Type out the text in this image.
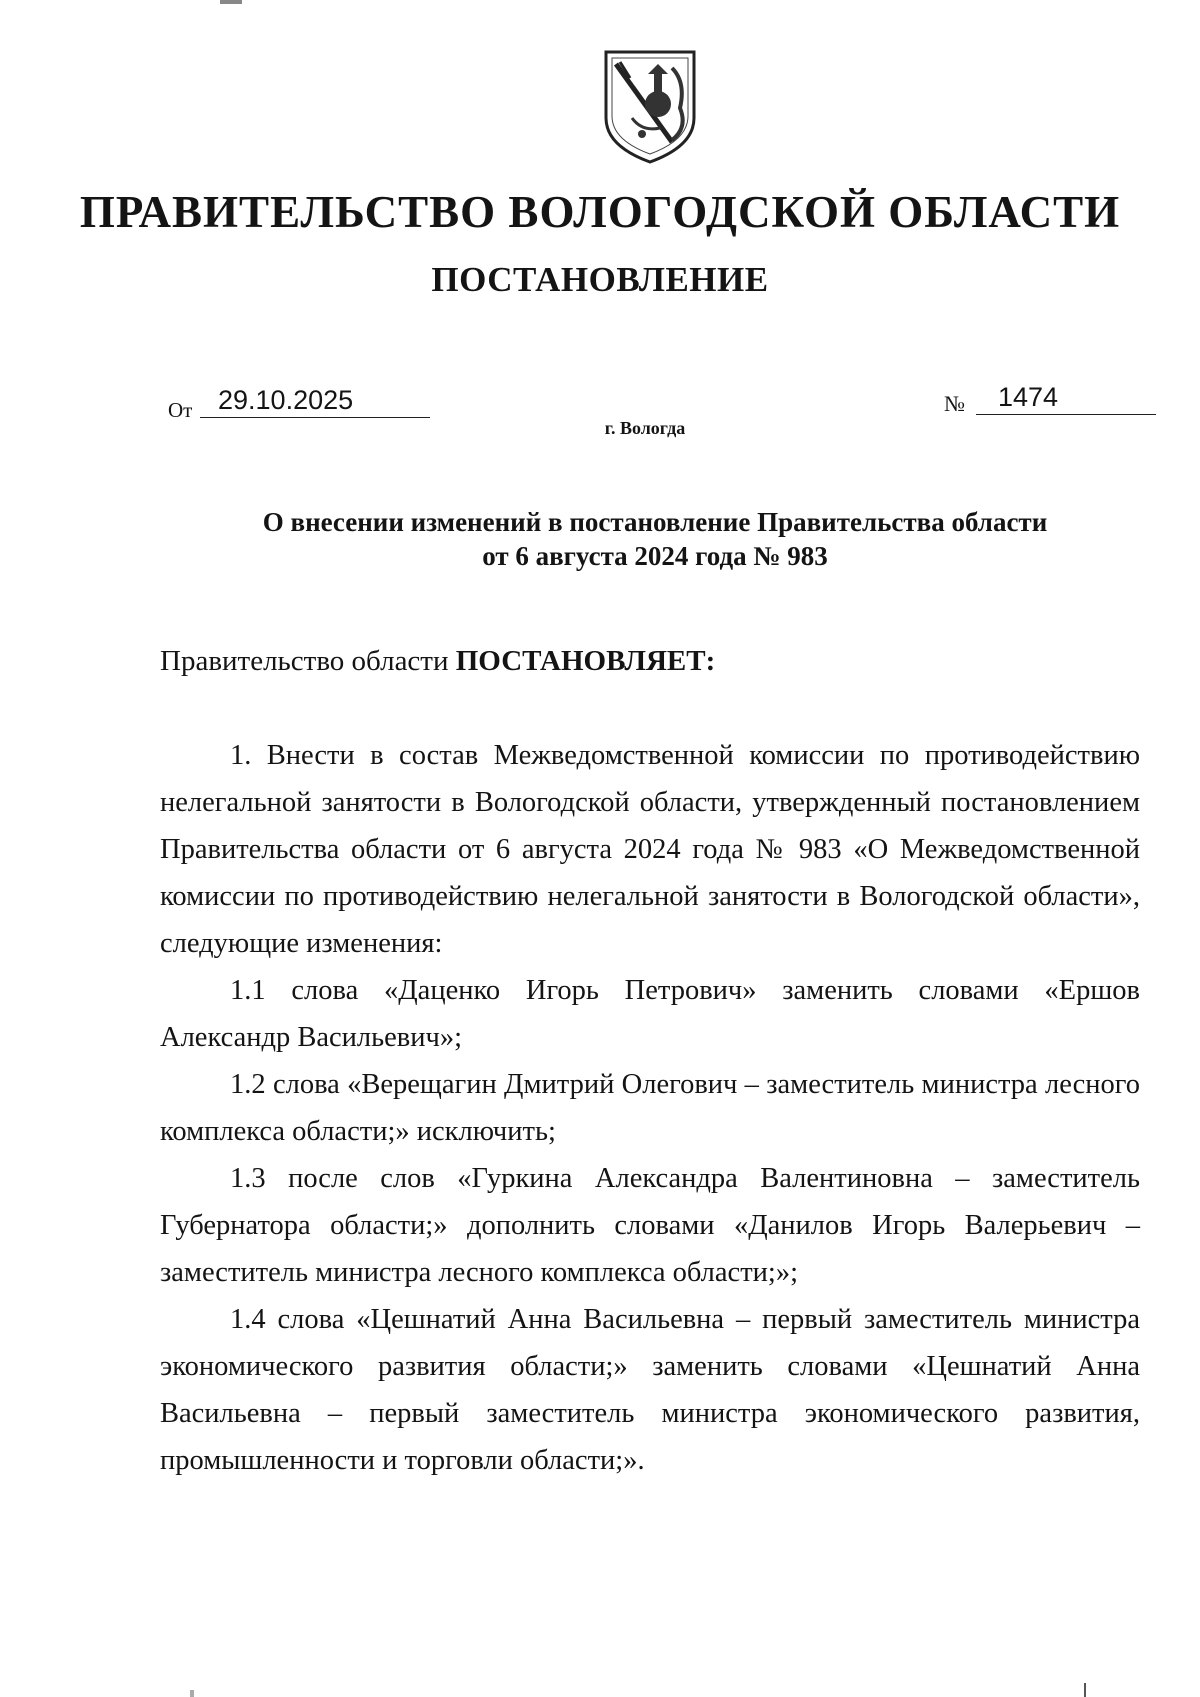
ПРАВИТЕЛЬСТВО ВОЛОГОДСКОЙ ОБЛАСТИ
ПОСТАНОВЛЕНИЕ
От 29.10.2025	№	1474
г. Вологда
О внесении изменений в постановление Правительства области
от 6 августа 2024 года № 983
Правительство области ПОСТАНОВЛЯЕТ:

1. Внести в состав Межведомственной комиссии по противодействию нелегальной занятости в Вологодской области, утвержденный постановлением Правительства области от 6 августа 2024 года № 983 «О Межведомственной комиссии по противодействию нелегальной занятости в Вологодской области», следующие изменения:

1.1 слова «Даценко Игорь Петрович» заменить словами «Ершов Александр Васильевич»;

1.2 слова «Верещагин Дмитрий Олегович – заместитель министра лесного комплекса области;» исключить;

1.3 после слов «Гуркина Александра Валентиновна – заместитель Губернатора области;» дополнить словами «Данилов Игорь Валерьевич – заместитель министра лесного комплекса области;»;

1.4 слова «Цешнатий Анна Васильевна – первый заместитель министра экономического развития области;» заменить словами «Цешнатий Анна Васильевна – первый заместитель министра экономического развития, промышленности и торговли области;».
